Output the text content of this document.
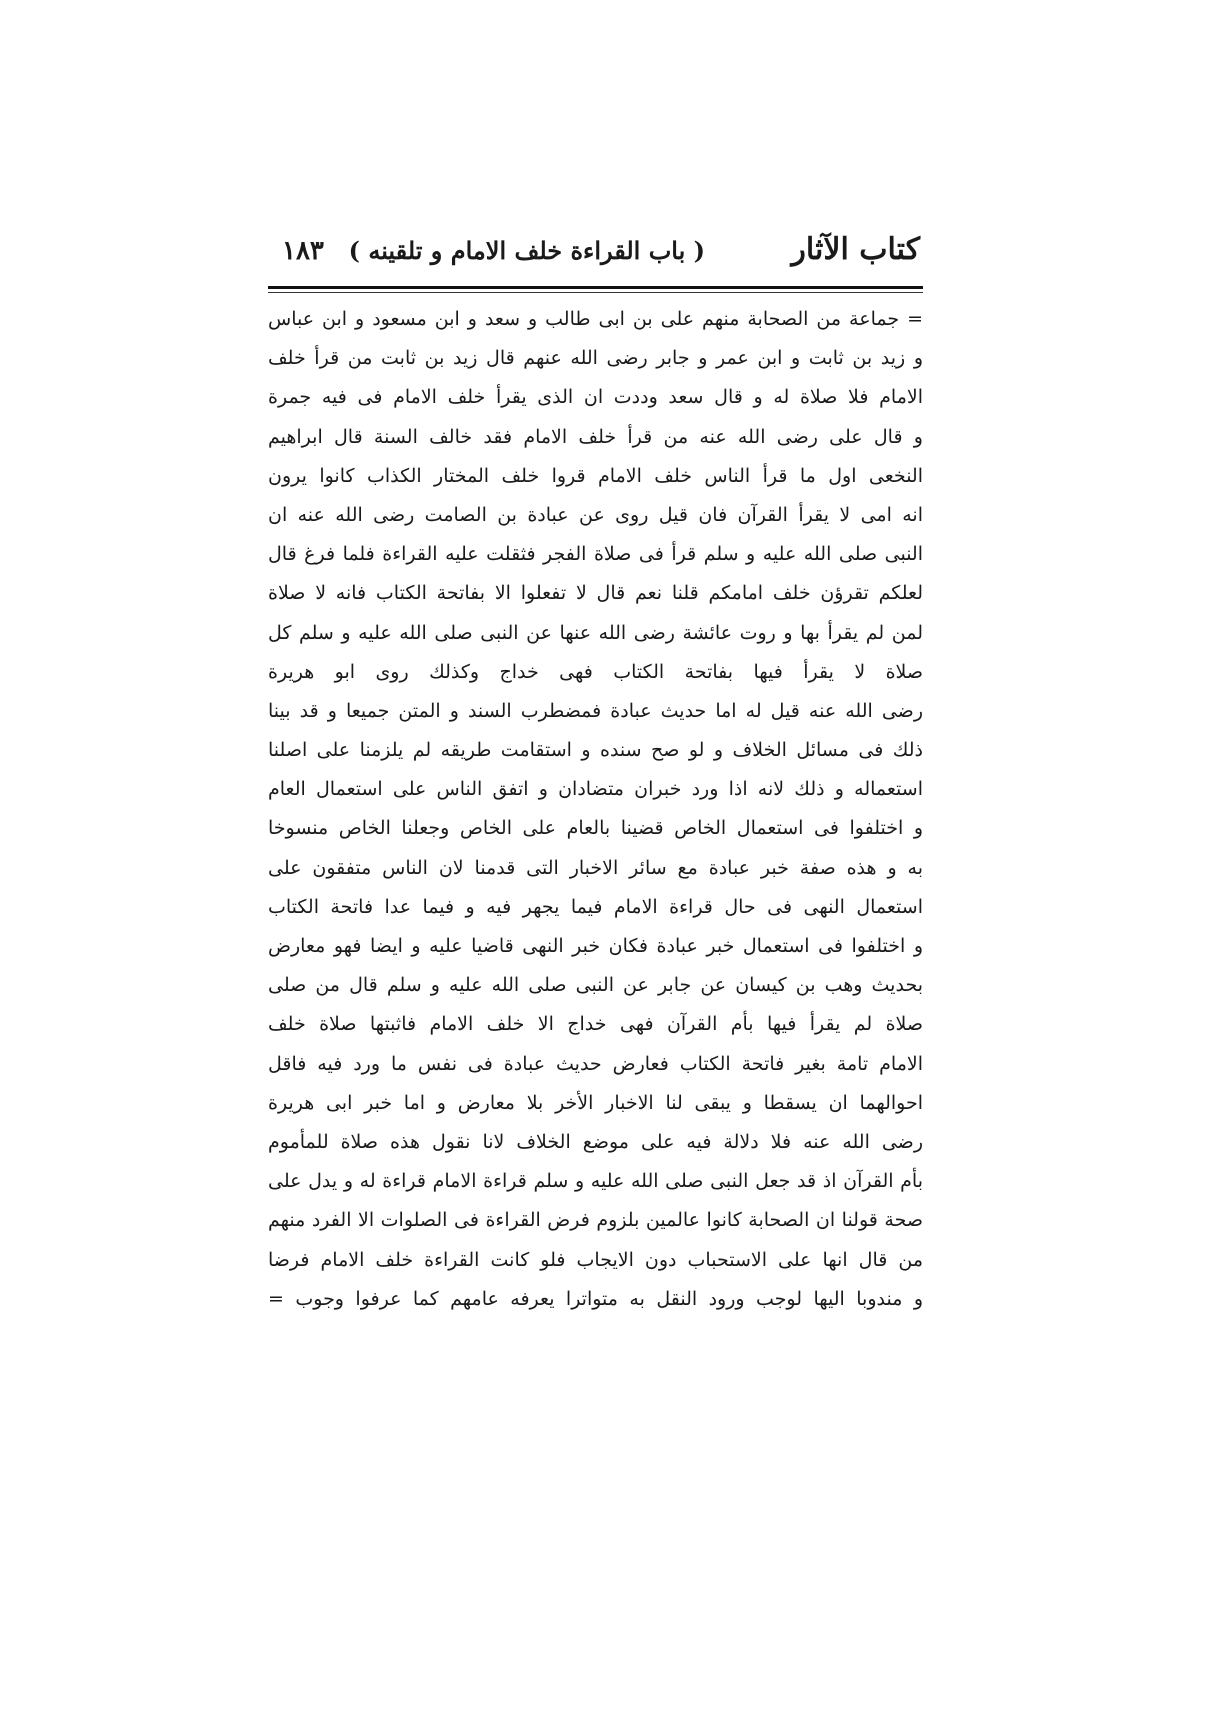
كتاب الآثار
( باب القراءة خلف الامام و تلقينه )
١٨٣
= جماعة من الصحابة منهم على بن ابى طالب و سعد و ابن مسعود و ابن عباس
و زيد بن ثابت و ابن عمر و جابر رضى الله عنهم قال زيد بن ثابت من قرأ خلف
الامام فلا صلاة له و قال سعد وددت ان الذى يقرأ خلف الامام فى فيه جمرة
و قال على رضى الله عنه من قرأ خلف الامام فقد خالف السنة قال ابراهيم
النخعى اول ما قرأ الناس خلف الامام قروا خلف المختار الكذاب كانوا يرون
انه امى لا يقرأ القرآن فان قيل روى عن عبادة بن الصامت رضى الله عنه ان
النبى صلى الله عليه و سلم قرأ فى صلاة الفجر فثقلت عليه القراءة فلما فرغ قال
لعلكم تقرؤن خلف امامكم قلنا نعم قال لا تفعلوا الا بفاتحة الكتاب فانه لا صلاة
لمن لم يقرأ بها و روت عائشة رضى الله عنها عن النبى صلى الله عليه و سلم كل
صلاة لا يقرأ فيها بفاتحة الكتاب فهى خداج وكذلك روى ابو هريرة
رضى الله عنه قيل له اما حديث عبادة فمضطرب السند و المتن جميعا و قد بينا
ذلك فى مسائل الخلاف و لو صح سنده و استقامت طريقه لم يلزمنا على اصلنا
استعماله و ذلك لانه اذا ورد خبران متضادان و اتفق الناس على استعمال العام
و اختلفوا فى استعمال الخاص قضينا بالعام على الخاص وجعلنا الخاص منسوخا
به و هذه صفة خبر عبادة مع سائر الاخبار التى قدمنا لان الناس متفقون على
استعمال النهى فى حال قراءة الامام فيما يجهر فيه و فيما عدا فاتحة الكتاب
و اختلفوا فى استعمال خبر عبادة فكان خبر النهى قاضيا عليه و ايضا فهو معارض
بحديث وهب بن كيسان عن جابر عن النبى صلى الله عليه و سلم قال من صلى
صلاة لم يقرأ فيها بأم القرآن فهى خداج الا خلف الامام فاثبتها صلاة خلف
الامام تامة بغير فاتحة الكتاب فعارض حديث عبادة فى نفس ما ورد فيه فاقل
احوالهما ان يسقطا و يبقى لنا الاخبار الأخر بلا معارض و اما خبر ابى هريرة
رضى الله عنه فلا دلالة فيه على موضع الخلاف لانا نقول هذه صلاة للمأموم
بأم القرآن اذ قد جعل النبى صلى الله عليه و سلم قراءة الامام قراءة له و يدل على
صحة قولنا ان الصحابة كانوا عالمين بلزوم فرض القراءة فى الصلوات الا الفرد منهم
من قال انها على الاستحباب دون الايجاب فلو كانت القراءة خلف الامام فرضا
و مندوبا اليها لوجب ورود النقل به متواترا يعرفه عامهم كما عرفوا وجوب =
